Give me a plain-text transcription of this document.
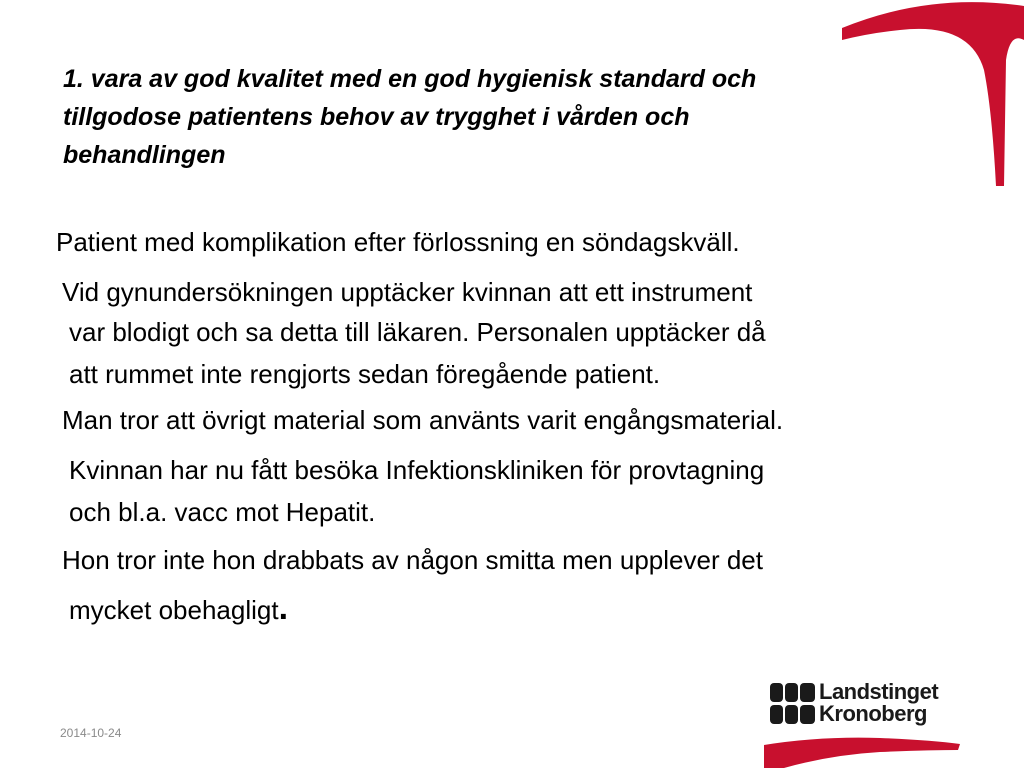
1. vara av god kvalitet med en god hygienisk standard och
tillgodose patientens behov av trygghet i vården och
behandlingen
Patient med komplikation efter förlossning en söndagskväll.
Vid gynundersökningen upptäcker kvinnan att ett instrument
var blodigt och sa detta till läkaren. Personalen upptäcker då
att rummet inte rengjorts sedan föregående patient.
Man tror att övrigt material som använts varit engångsmaterial.
Kvinnan har nu fått besöka Infektionskliniken för provtagning
och bl.a. vacc mot Hepatit.
Hon tror inte hon drabbats av någon smitta men upplever det
mycket obehagligt.
2014-10-24
Landstinget
Kronoberg
